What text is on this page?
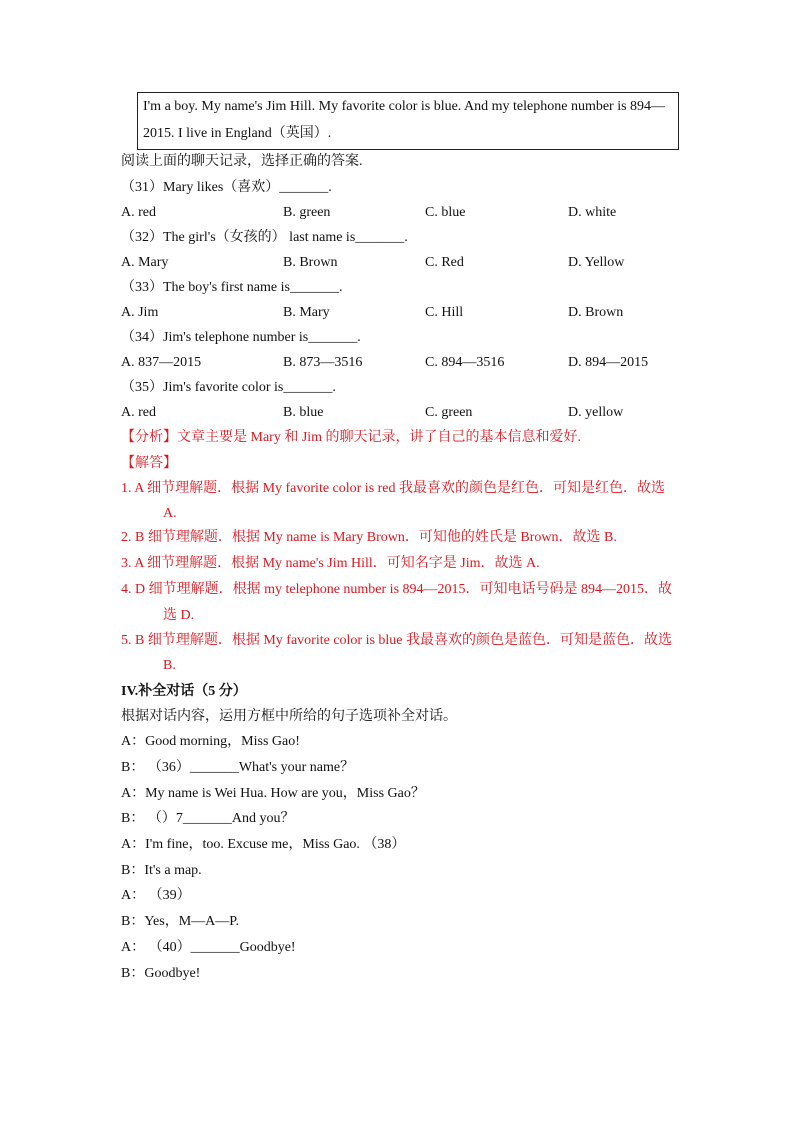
I'm a boy. My name's Jim Hill. My favorite color is blue. And my telephone number is 894—
2015. I live in England（英国）.
阅读上面的聊天记录，选择正确的答案.
（31）Mary likes（喜欢）_______.
A. red	B. green	C. blue	D. white
（32）The girl's（女孩的） last name is_______.
A. Mary	B. Brown	C. Red	D. Yellow
（33）The boy's first name is_______.
A. Jim	B. Mary	C. Hill	D. Brown
（34）Jim's telephone number is_______.
A. 837—2015	B. 873—3516	C. 894—3516	D. 894—2015
（35）Jim's favorite color is_______.
A. red	B. blue	C. green	D. yellow
【分析】文章主要是 Mary 和 Jim 的聊天记录，讲了自己的基本信息和爱好.
【解答】
1. A 细节理解题．根据 My favorite color is red 我最喜欢的颜色是红色．可知是红色．故选
A.
2. B 细节理解题．根据 My name is Mary Brown．可知他的姓氏是 Brown．故选 B.
3. A 细节理解题．根据 My name's Jim Hill．可知名字是 Jim．故选 A.
4. D 细节理解题．根据 my telephone number is 894—2015．可知电话号码是 894—2015．故
选 D.
5. B 细节理解题．根据 My favorite color is blue 我最喜欢的颜色是蓝色．可知是蓝色．故选
B.
IV.补全对话（5 分）
根据对话内容，运用方框中所给的句子选项补全对话。
A：Good morning，Miss Gao!
B： （36）_______What's your name？
A：My name is Wei Hua. How are you，Miss Gao？
B： （）7_______And you？
A：I'm fine，too. Excuse me，Miss Gao. （38）
B：It's a map.
A： （39）
B：Yes，M—A—P.
A： （40）_______Goodbye!
B：Goodbye!
